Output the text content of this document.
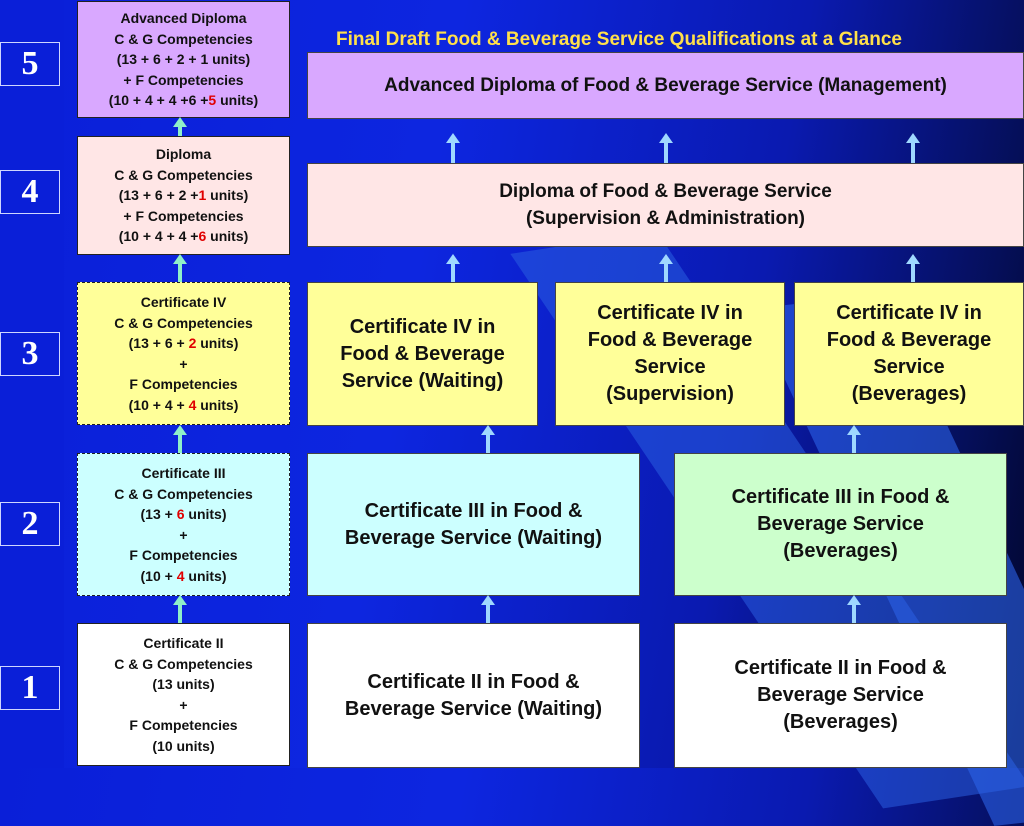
Final Draft Food & Beverage Service Qualifications at a Glance
5
4
3
2
1
Advanced Diploma
C & G Competencies
(13 + 6 + 2 + 1 units)
+ F Competencies
(10 + 4 + 4 +6 +5 units)
Diploma
C & G Competencies
(13 + 6 + 2 +1 units)
+ F Competencies
(10 + 4 + 4 +6 units)
Certificate IV
C & G Competencies
(13 + 6 + 2 units)
+
F Competencies
(10 + 4 + 4 units)
Certificate III
C & G Competencies
(13 + 6 units)
+
F Competencies
(10 + 4 units)
Certificate II
C & G Competencies
(13 units)
+
F Competencies
(10 units)
Advanced Diploma of Food & Beverage Service (Management)
Diploma of Food & Beverage Service
(Supervision & Administration)
Certificate IV in
Food & Beverage
Service (Waiting)
Certificate IV in
Food & Beverage
Service
(Supervision)
Certificate IV in
Food & Beverage
Service
(Beverages)
Certificate III in Food &
Beverage Service (Waiting)
Certificate III in Food &
Beverage Service
(Beverages)
Certificate II in Food &
Beverage Service (Waiting)
Certificate II in Food &
Beverage Service
(Beverages)
